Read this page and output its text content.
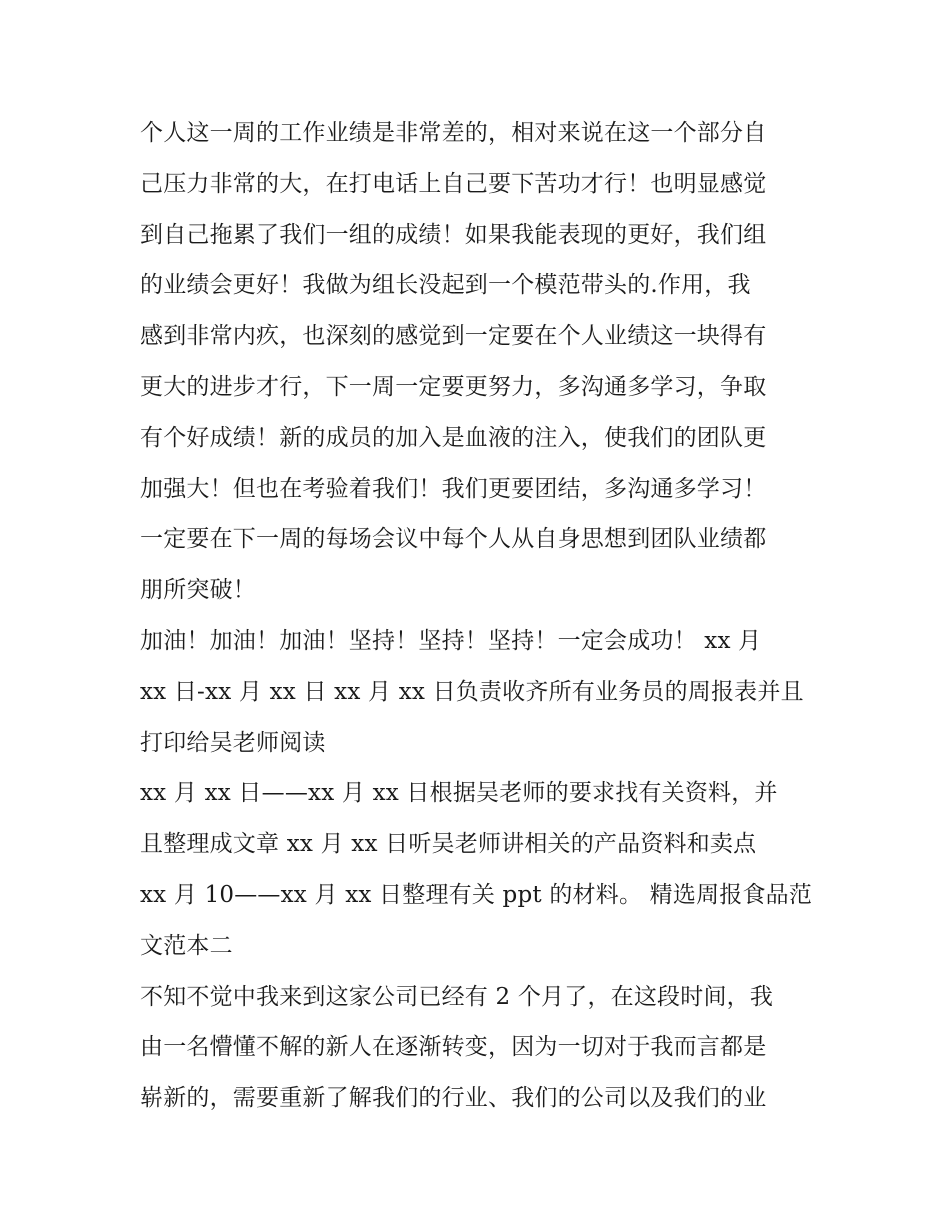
个人这一周的工作业绩是非常差的，相对来说在这一个部分自
己压力非常的大，在打电话上自己要下苦功才行！也明显感觉
到自己拖累了我们一组的成绩！如果我能表现的更好，我们组
的业绩会更好！我做为组长没起到一个模范带头的.作用，我
感到非常内疚，也深刻的感觉到一定要在个人业绩这一块得有
更大的进步才行，下一周一定要更努力，多沟通多学习，争取
有个好成绩！新的成员的加入是血液的注入，使我们的团队更
加强大！但也在考验着我们！我们更要团结，多沟通多学习！
一定要在下一周的每场会议中每个人从自身思想到团队业绩都
朋所突破！
加油！加油！加油！坚持！坚持！坚持！一定会成功！ xx 月
xx 日-xx 月 xx 日 xx 月 xx 日负责收齐所有业务员的周报表并且
打印给吴老师阅读
xx 月 xx 日——xx 月 xx 日根据吴老师的要求找有关资料，并
且整理成文章 xx 月 xx 日听吴老师讲相关的产品资料和卖点
xx 月 10——xx 月 xx 日整理有关 ppt 的材料。 精选周报食品范
文范本二
不知不觉中我来到这家公司已经有 2 个月了，在这段时间，我
由一名懵懂不解的新人在逐渐转变，因为一切对于我而言都是
崭新的，需要重新了解我们的行业、我们的公司以及我们的业
